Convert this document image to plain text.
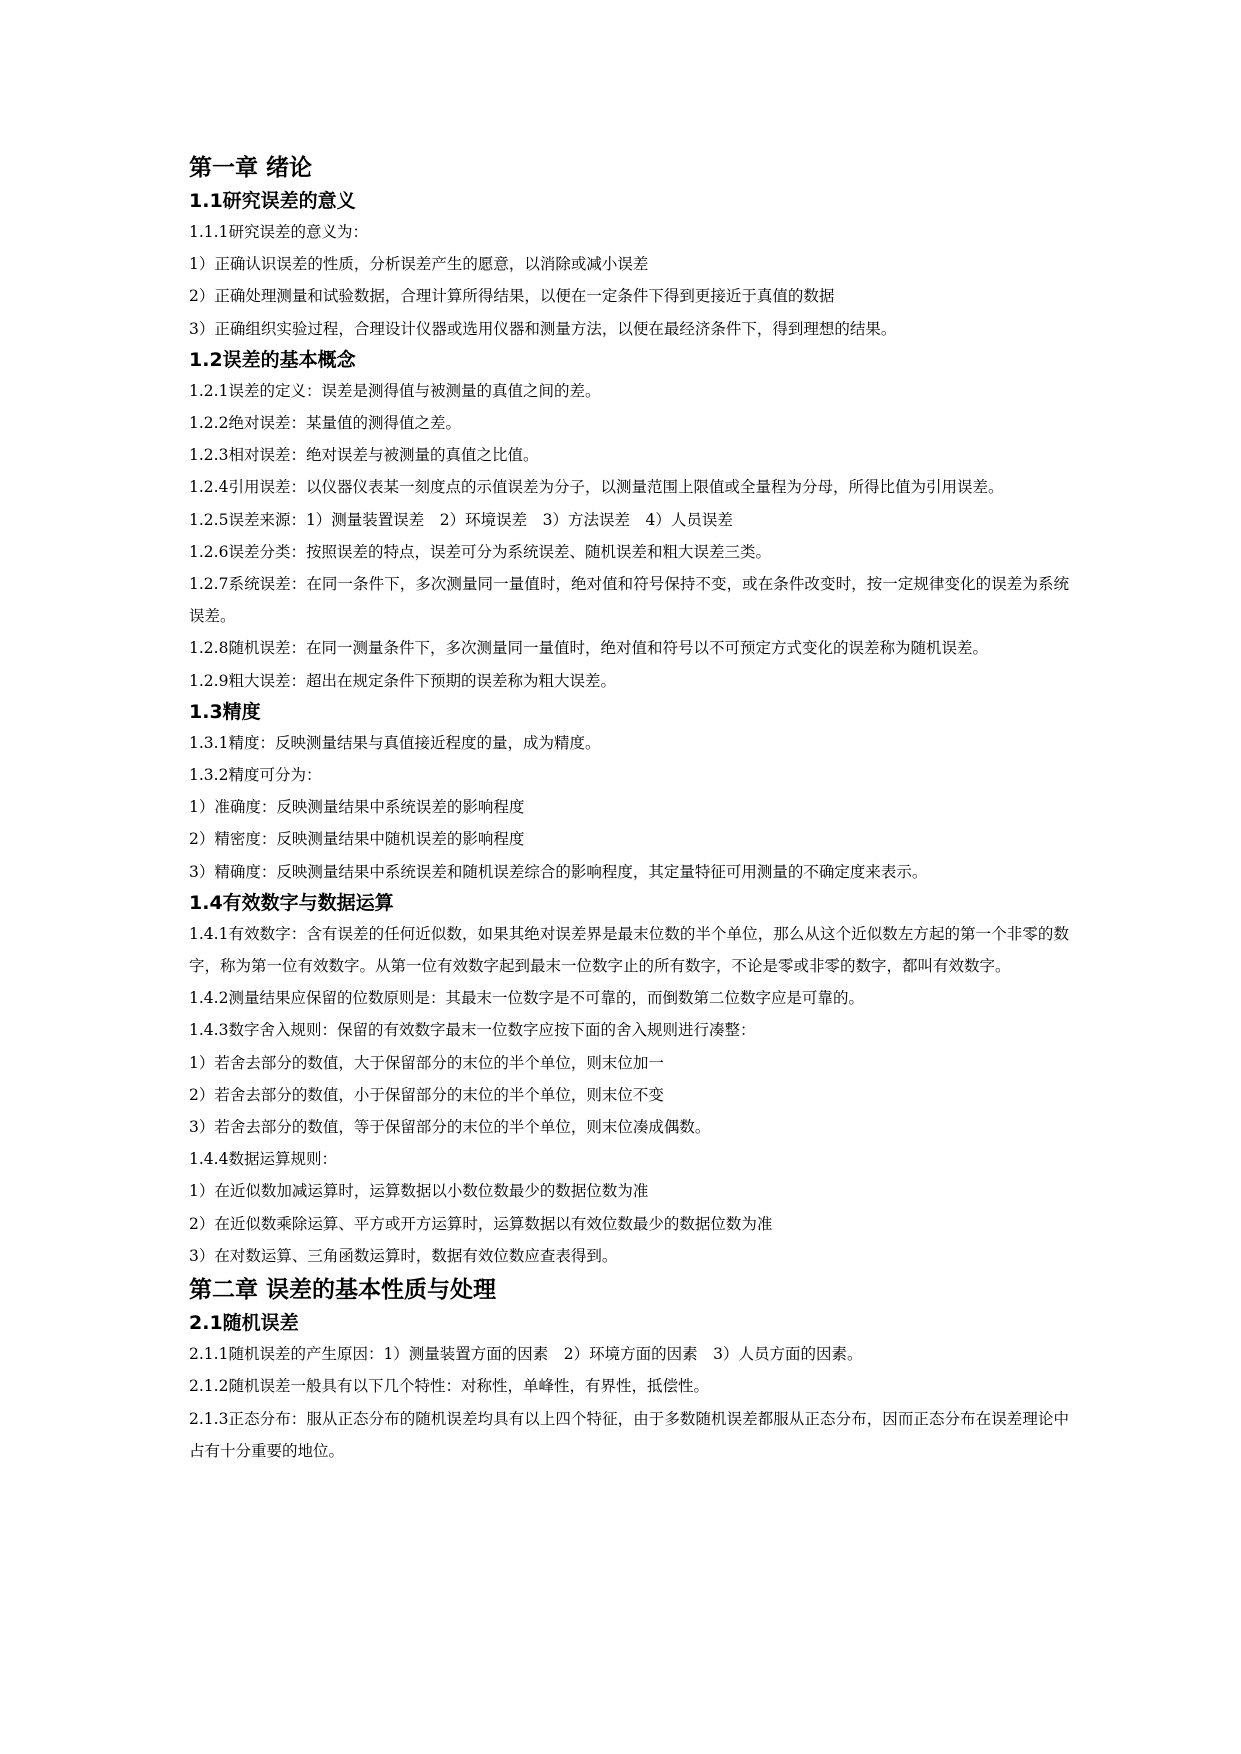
第一章 绪论
1.1研究误差的意义
1.1.1研究误差的意义为：
1）正确认识误差的性质，分析误差产生的愿意，以消除或减小误差
2）正确处理测量和试验数据，合理计算所得结果，以便在一定条件下得到更接近于真值的数据
3）正确组织实验过程，合理设计仪器或选用仪器和测量方法，以便在最经济条件下，得到理想的结果。
1.2误差的基本概念
1.2.1误差的定义：误差是测得值与被测量的真值之间的差。
1.2.2绝对误差：某量值的测得值之差。
1.2.3相对误差：绝对误差与被测量的真值之比值。
1.2.4引用误差：以仪器仪表某一刻度点的示值误差为分子，以测量范围上限值或全量程为分母，所得比值为引用误差。
1.2.5误差来源：1）测量装置误差　2）环境误差　3）方法误差　4）人员误差
1.2.6误差分类：按照误差的特点，误差可分为系统误差、随机误差和粗大误差三类。
1.2.7系统误差：在同一条件下，多次测量同一量值时，绝对值和符号保持不变，或在条件改变时，按一定规律变化的误差为系统误差。
1.2.8随机误差：在同一测量条件下，多次测量同一量值时，绝对值和符号以不可预定方式变化的误差称为随机误差。
1.2.9粗大误差：超出在规定条件下预期的误差称为粗大误差。
1.3精度
1.3.1精度：反映测量结果与真值接近程度的量，成为精度。
1.3.2精度可分为：
1）准确度：反映测量结果中系统误差的影响程度
2）精密度：反映测量结果中随机误差的影响程度
3）精确度：反映测量结果中系统误差和随机误差综合的影响程度，其定量特征可用测量的不确定度来表示。
1.4有效数字与数据运算
1.4.1有效数字：含有误差的任何近似数，如果其绝对误差界是最末位数的半个单位，那么从这个近似数左方起的第一个非零的数字，称为第一位有效数字。从第一位有效数字起到最末一位数字止的所有数字，不论是零或非零的数字，都叫有效数字。
1.4.2测量结果应保留的位数原则是：其最末一位数字是不可靠的，而倒数第二位数字应是可靠的。
1.4.3数字舍入规则：保留的有效数字最末一位数字应按下面的舍入规则进行凑整：
1）若舍去部分的数值，大于保留部分的末位的半个单位，则末位加一
2）若舍去部分的数值，小于保留部分的末位的半个单位，则末位不变
3）若舍去部分的数值，等于保留部分的末位的半个单位，则末位凑成偶数。
1.4.4数据运算规则：
1）在近似数加减运算时，运算数据以小数位数最少的数据位数为准
2）在近似数乘除运算、平方或开方运算时，运算数据以有效位数最少的数据位数为准
3）在对数运算、三角函数运算时，数据有效位数应查表得到。
第二章 误差的基本性质与处理
2.1随机误差
2.1.1随机误差的产生原因：1）测量装置方面的因素　2）环境方面的因素　3）人员方面的因素。
2.1.2随机误差一般具有以下几个特性：对称性，单峰性，有界性，抵偿性。
2.1.3正态分布：服从正态分布的随机误差均具有以上四个特征，由于多数随机误差都服从正态分布，因而正态分布在误差理论中占有十分重要的地位。
